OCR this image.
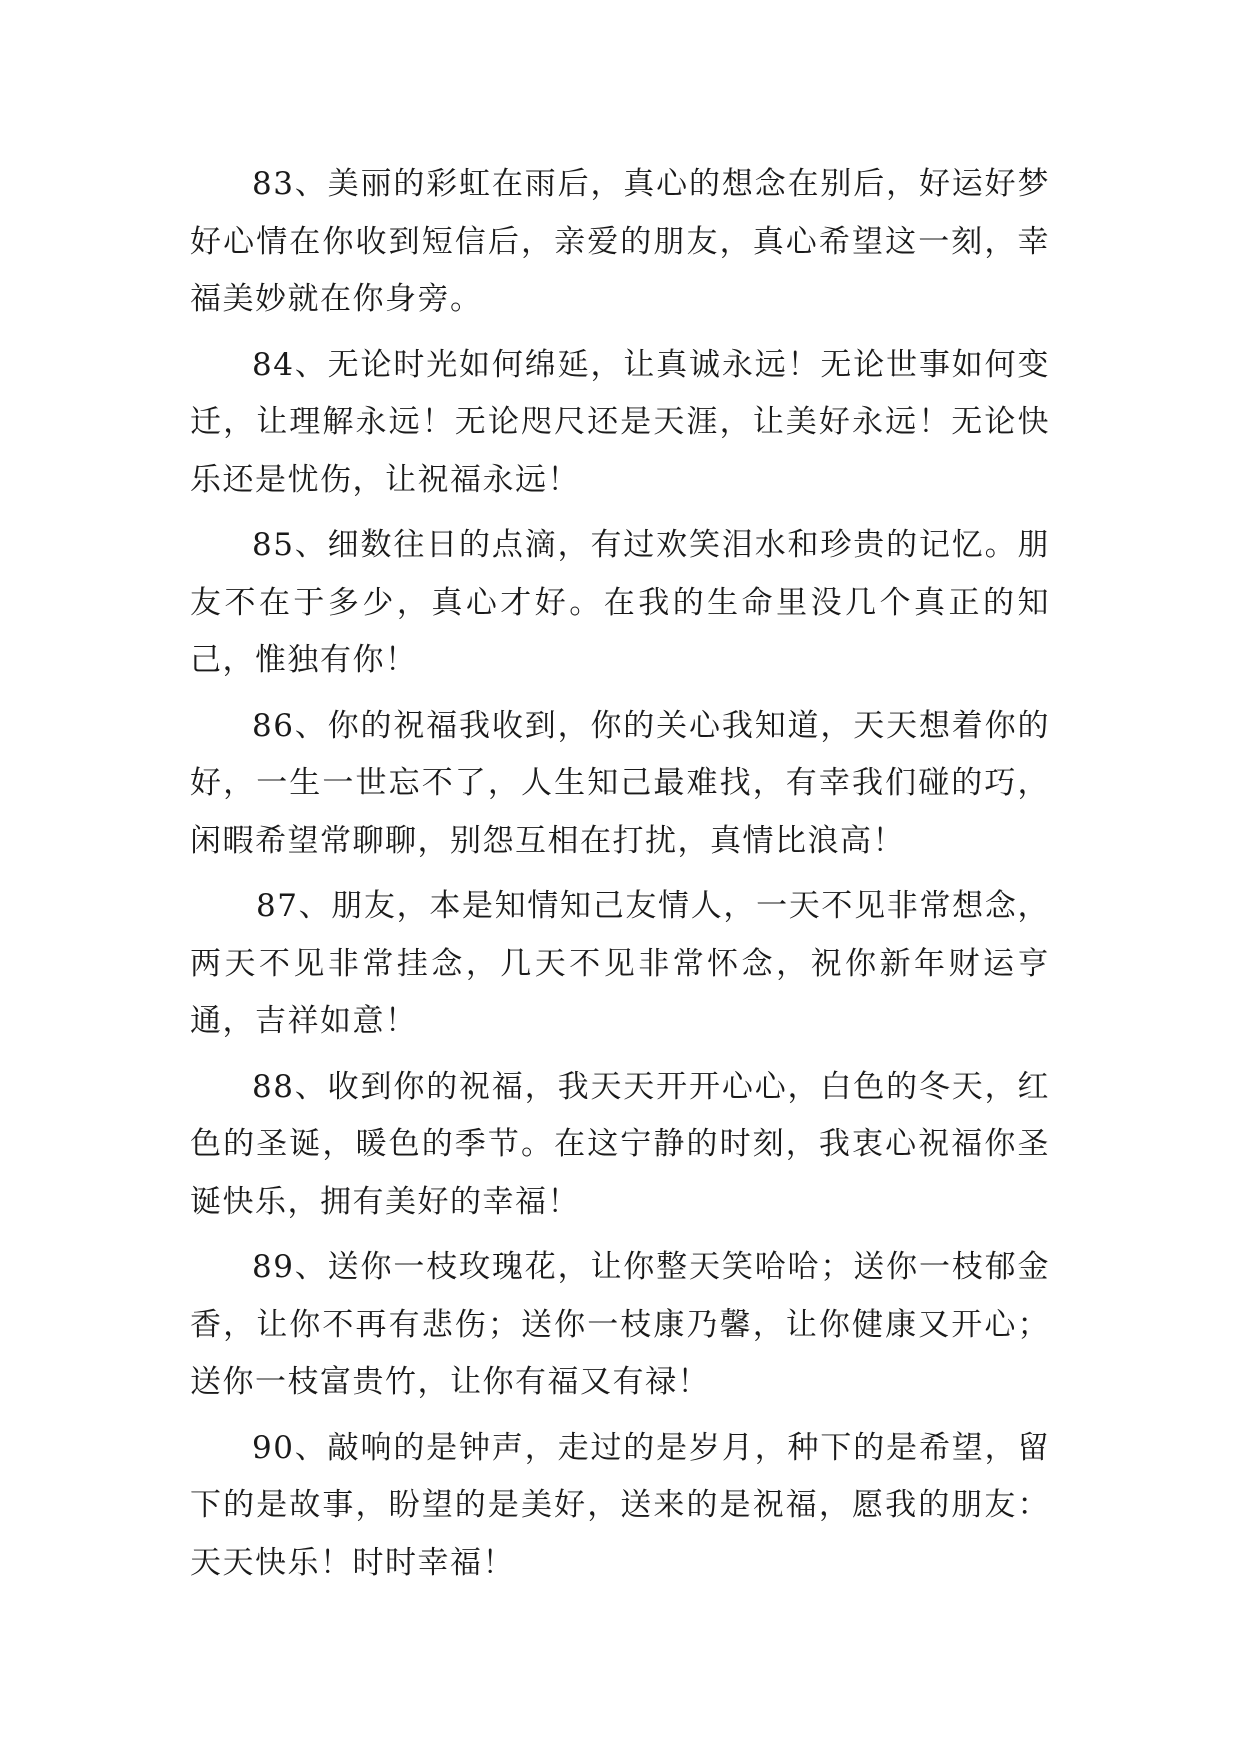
83、美丽的彩虹在雨后，真心的想念在别后，好运好梦好心情在你收到短信后，亲爱的朋友，真心希望这一刻，幸福美妙就在你身旁。

84、无论时光如何绵延，让真诚永远！无论世事如何变迁，让理解永远！无论咫尺还是天涯，让美好永远！无论快乐还是忧伤，让祝福永远！

85、细数往日的点滴，有过欢笑泪水和珍贵的记忆。朋友不在于多少，真心才好。在我的生命里没几个真正的知己，惟独有你！

86、你的祝福我收到，你的关心我知道，天天想着你的好，一生一世忘不了，人生知己最难找，有幸我们碰的巧，闲暇希望常聊聊，别怨互相在打扰，真情比浪高！

87、朋友，本是知情知己友情人，一天不见非常想念，两天不见非常挂念，几天不见非常怀念，祝你新年财运亨通，吉祥如意！

88、收到你的祝福，我天天开开心心，白色的冬天，红色的圣诞，暖色的季节。在这宁静的时刻，我衷心祝福你圣诞快乐，拥有美好的幸福！

89、送你一枝玫瑰花，让你整天笑哈哈；送你一枝郁金香，让你不再有悲伤；送你一枝康乃馨，让你健康又开心；送你一枝富贵竹，让你有福又有禄！

90、敲响的是钟声，走过的是岁月，种下的是希望，留下的是故事，盼望的是美好，送来的是祝福，愿我的朋友：天天快乐！时时幸福！
